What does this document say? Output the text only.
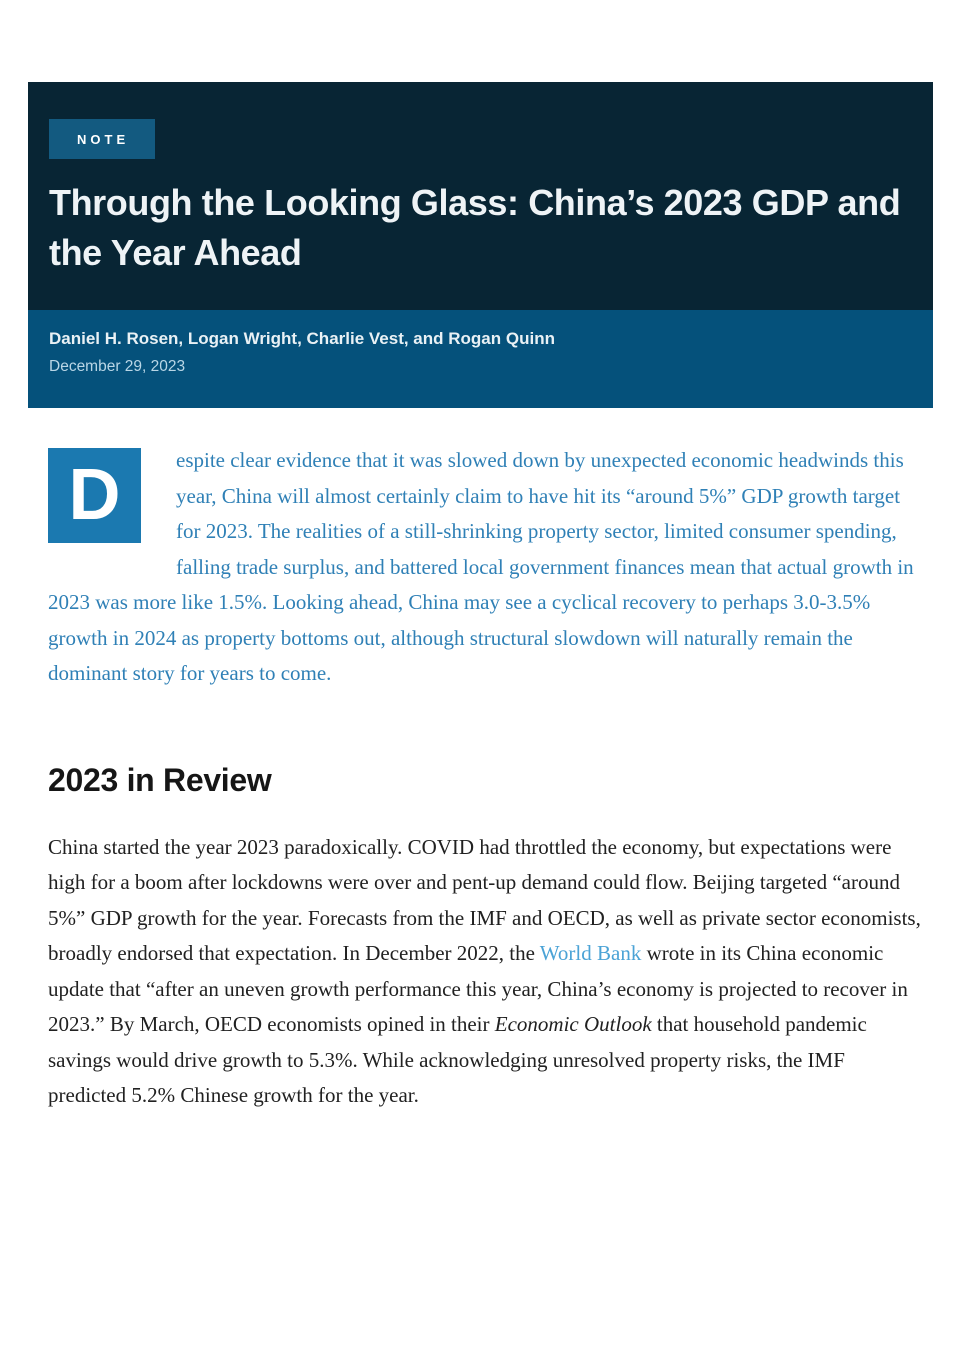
NOTE
Through the Looking Glass: China’s 2023 GDP and the Year Ahead
Daniel H. Rosen, Logan Wright, Charlie Vest, and Rogan Quinn
December 29, 2023
D	espite clear evidence that it was slowed down by unexpected economic headwinds this year, China will almost certainly claim to have hit its “around 5%” GDP growth target for 2023. The realities of a still-shrinking property sector, limited consumer spending, falling trade surplus, and battered local government finances mean that actual growth in 2023 was more like 1.5%. Looking ahead, China may see a cyclical recovery to perhaps 3.0-3.5% growth in 2024 as property bottoms out, although structural slowdown will naturally remain the dominant story for years to come.
2023 in Review
China started the year 2023 paradoxically. COVID had throttled the economy, but expectations were high for a boom after lockdowns were over and pent-up demand could flow. Beijing targeted “around 5%” GDP growth for the year. Forecasts from the IMF and OECD, as well as private sector economists, broadly endorsed that expectation. In December 2022, the World Bank wrote in its China economic update that “after an uneven growth performance this year, China’s economy is projected to recover in 2023.” By March, OECD economists opined in their Economic Outlook that household pandemic savings would drive growth to 5.3%. While acknowledging unresolved property risks, the IMF predicted 5.2% Chinese growth for the year.
